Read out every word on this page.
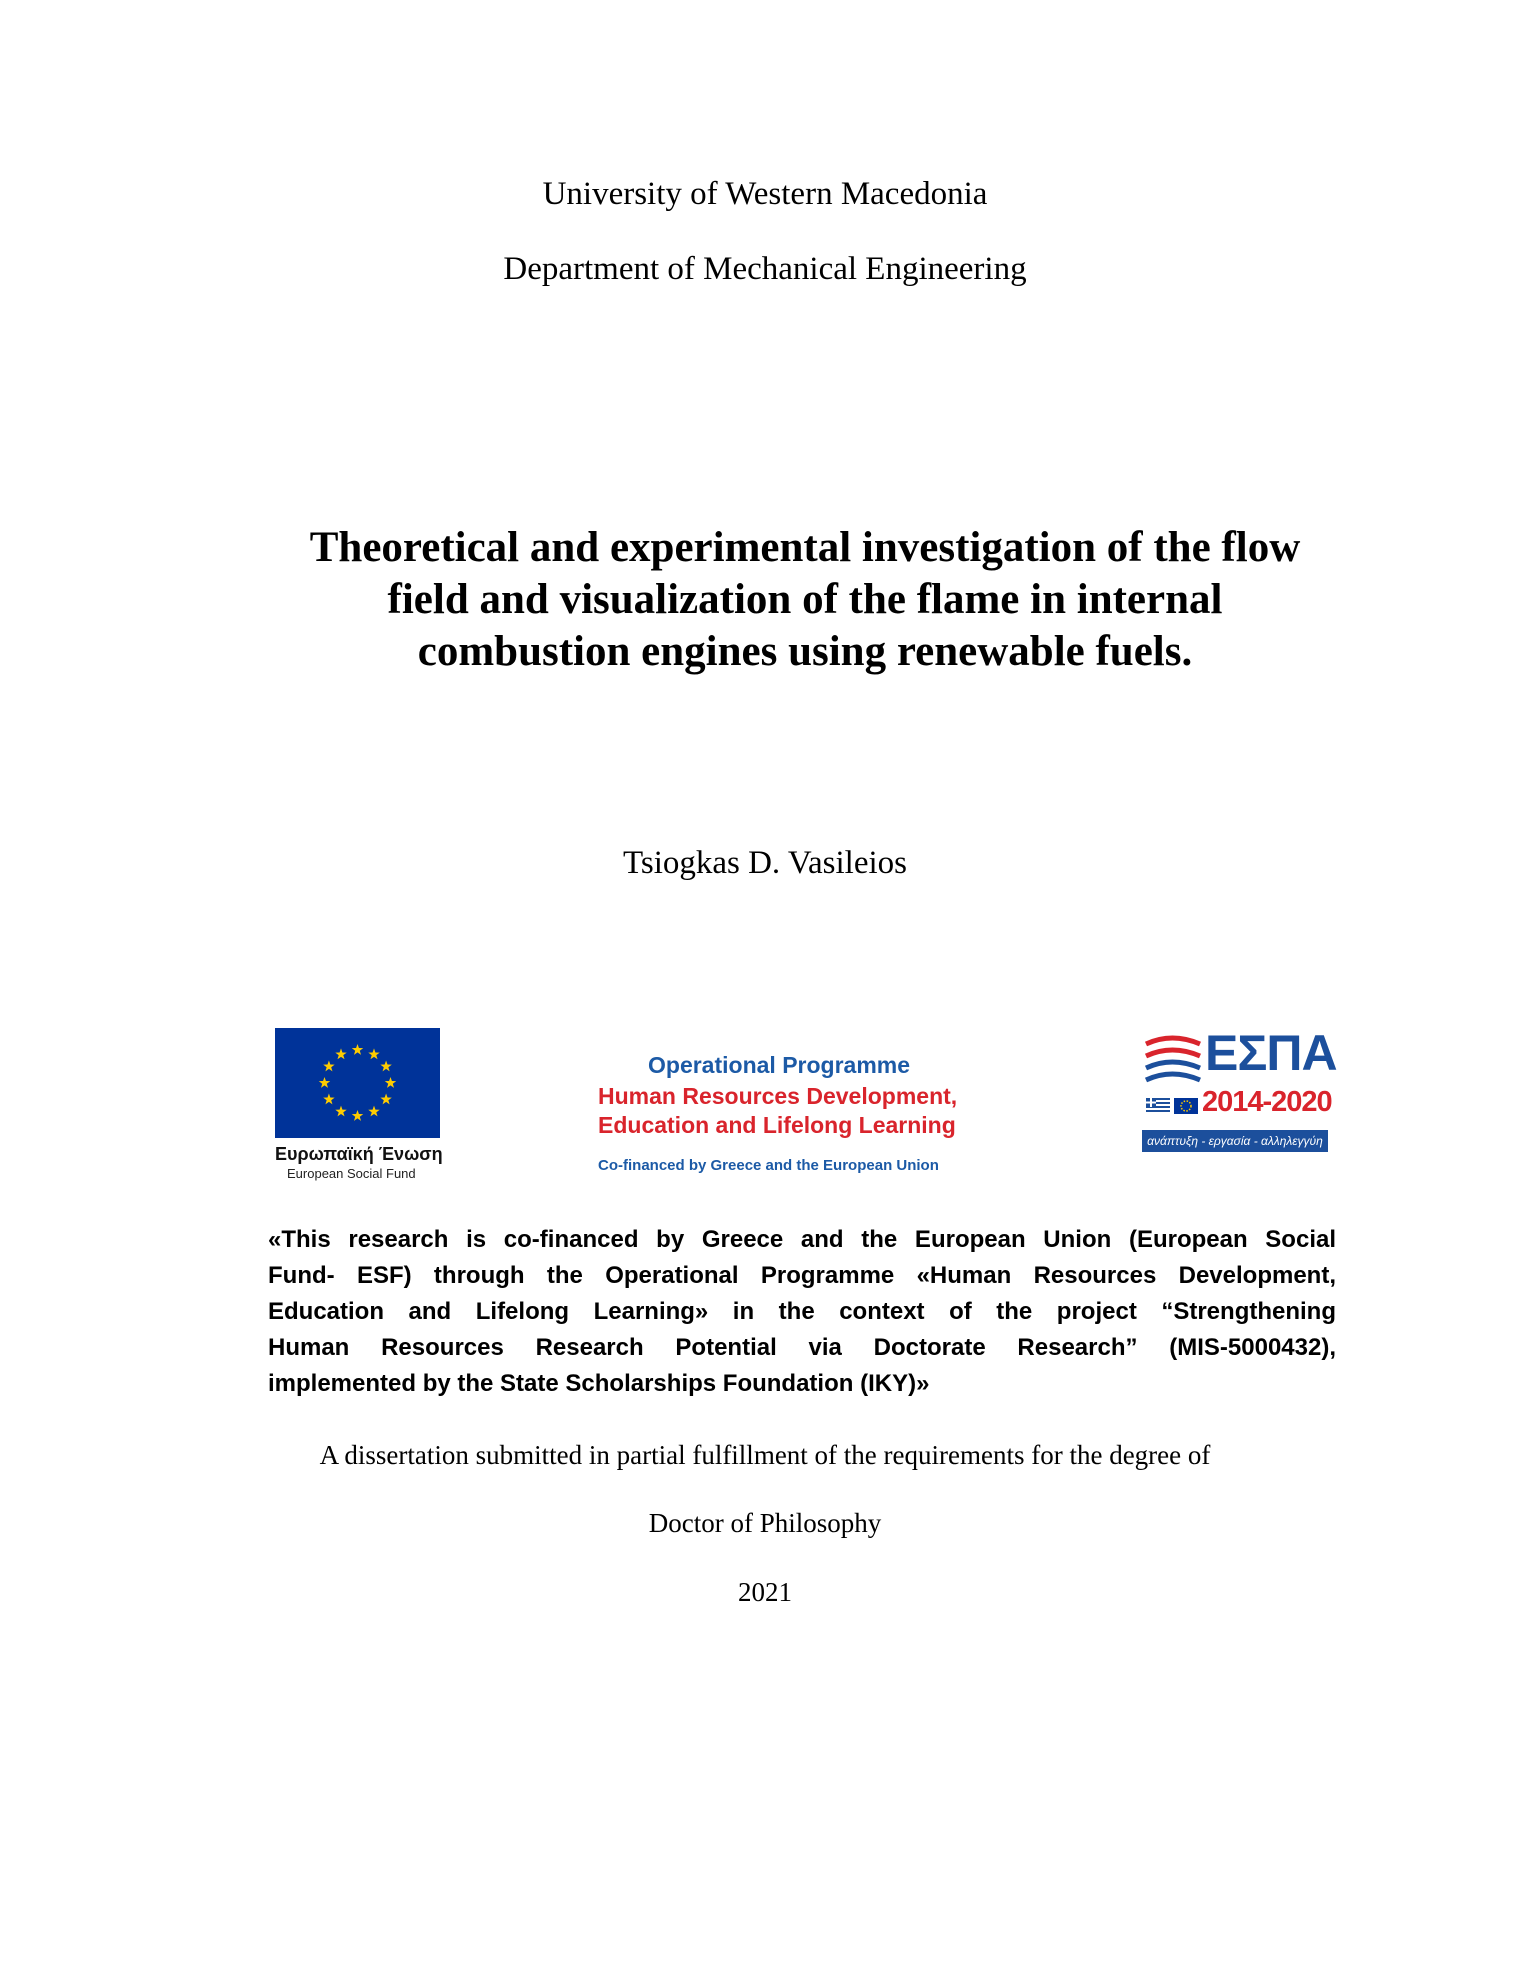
University of Western Macedonia
Department of Mechanical Engineering
Theoretical and experimental investigation of the flow
field and visualization of the flame in internal
combustion engines using renewable fuels.
Tsiogkas D. Vasileios
Ευρωπαϊκή Ένωση
European Social Fund
Operational Programme
Human Resources Development,
Education and Lifelong Learning
Co-financed by Greece and the European Union
ΕΣΠΑ
2014-2020
ανάπτυξη - εργασία - αλληλεγγύη
«This research is co-financed by Greece and the European Union (European Social
Fund- ESF) through the Operational Programme «Human Resources Development,
Education and Lifelong Learning» in the context of the project “Strengthening
Human Resources Research Potential via Doctorate Research” (MIS-5000432),
implemented by the State Scholarships Foundation (IKY)»
A dissertation submitted in partial fulfillment of the requirements for the degree of
Doctor of Philosophy
2021
